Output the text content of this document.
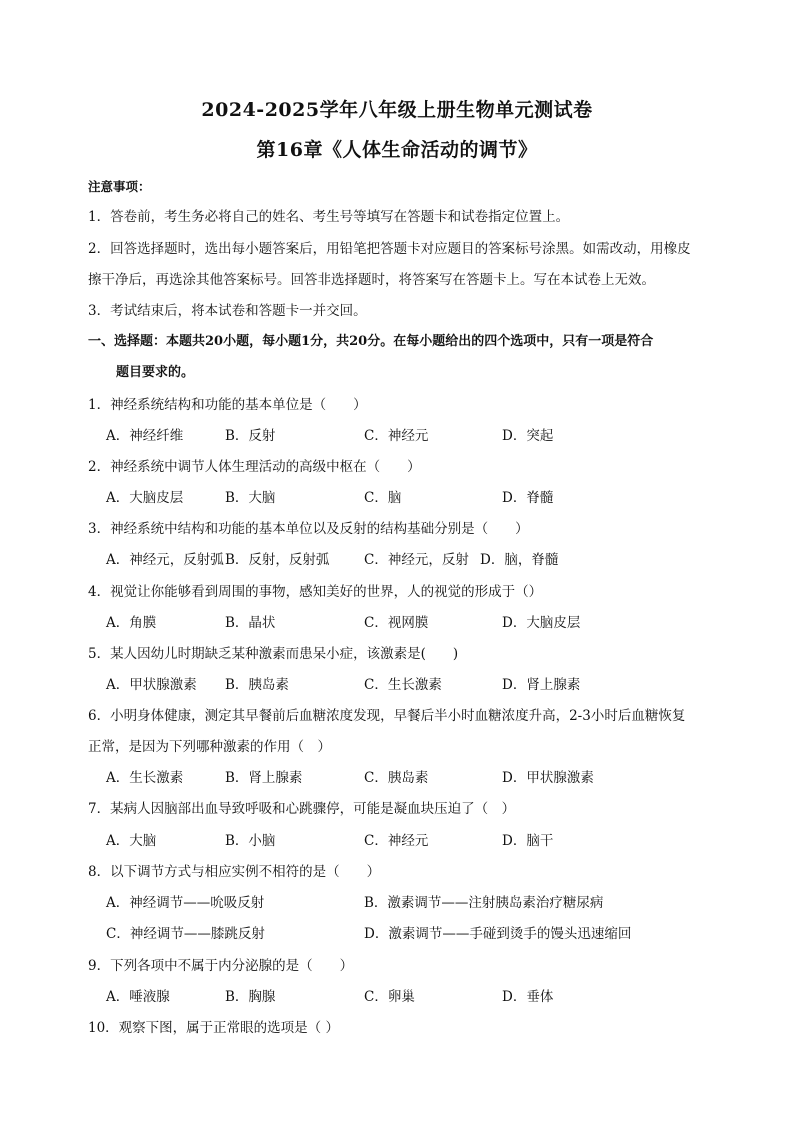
2024-2025学年八年级上册生物单元测试卷
第16章《人体生命活动的调节》
注意事项：
1．答卷前，考生务必将自己的姓名、考生号等填写在答题卡和试卷指定位置上。
2．回答选择题时，选出每小题答案后，用铅笔把答题卡对应题目的答案标号涂黑。如需改动，用橡皮
擦干净后，再选涂其他答案标号。回答非选择题时，将答案写在答题卡上。写在本试卷上无效。
3．考试结束后，将本试卷和答题卡一并交回。
一、选择题：本题共20小题，每小题1分，共20分。在每小题给出的四个选项中，只有一项是符合
题目要求的。
1．神经系统结构和功能的基本单位是（　　）
A．神经纤维	B．反射	C．神经元	D．突起
2．神经系统中调节人体生理活动的高级中枢在（　　）
A．大脑皮层	B．大脑	C．脑	D．脊髓
3．神经系统中结构和功能的基本单位以及反射的结构基础分别是（　　）
A．神经元，反射弧 B．反射，反射弧	C．神经元，反射 D．脑，脊髓
4．视觉让你能够看到周围的事物，感知美好的世界，人的视觉的形成于（）
A．角膜	B．晶状	C．视网膜	D．大脑皮层
5．某人因幼儿时期缺乏某种激素而患呆小症，该激素是(　　)
A．甲状腺激素 B．胰岛素	C．生长激素	D．肾上腺素
6．小明身体健康，测定其早餐前后血糖浓度发现，早餐后半小时血糖浓度升高，2-3小时后血糖恢复
正常，是因为下列哪种激素的作用（　）
A．生长激素	B．肾上腺素	C．胰岛素	D．甲状腺激素
7．某病人因脑部出血导致呼吸和心跳骤停，可能是凝血块压迫了（　）
A．大脑	B．小脑	C．神经元	D．脑干
8．以下调节方式与相应实例不相符的是（　　）
A．神经调节——吮吸反射	B．激素调节——注射胰岛素治疗糖尿病
C．神经调节——膝跳反射	D．激素调节——手碰到烫手的馒头迅速缩回
9．下列各项中不属于内分泌腺的是（　　）
A．唾液腺	B．胸腺	C．卵巢	D．垂体
10．观察下图，属于正常眼的选项是（ ）
